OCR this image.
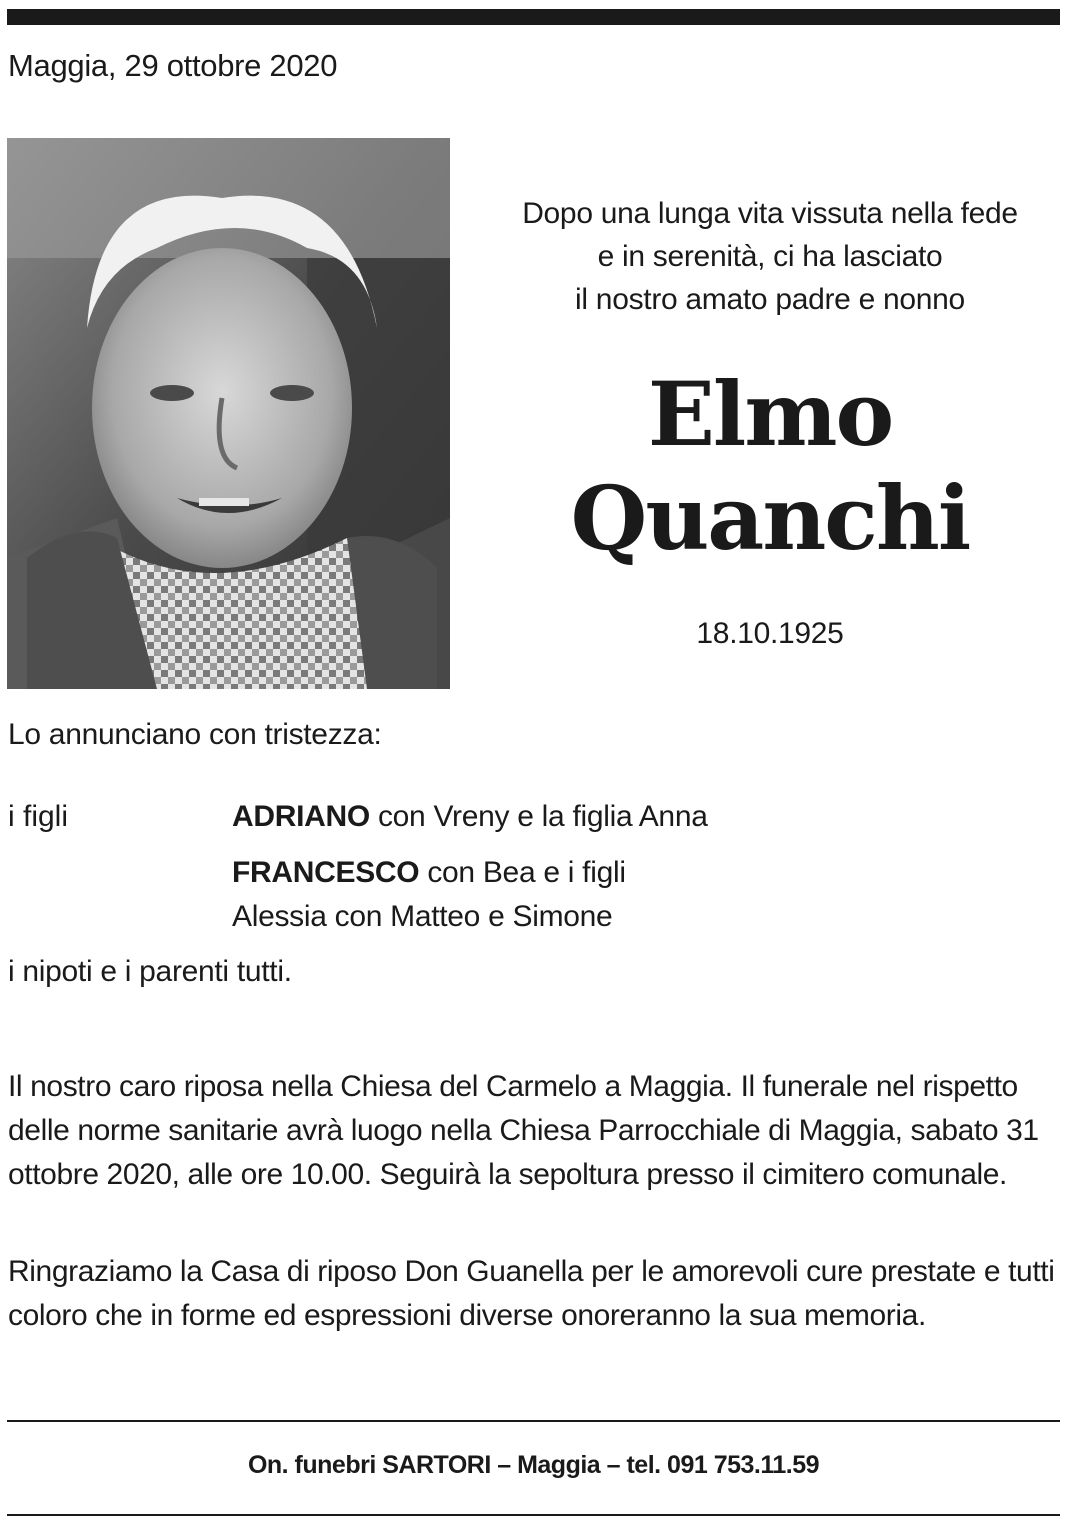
Maggia, 29 ottobre 2020
Dopo una lunga vita vissuta nella fede
e in serenità, ci ha lasciato
il nostro amato padre e nonno
Elmo
Quanchi
18.10.1925
Lo annunciano con tristezza:
i figli	ADRIANO con Vreny e la figlia Anna
FRANCESCO con Bea e i figli
Alessia con Matteo e Simone
i nipoti e i parenti tutti.
Il nostro caro riposa nella Chiesa del Carmelo a Maggia. Il funerale nel rispetto delle norme sanitarie avrà luogo nella Chiesa Parrocchiale di Maggia, sabato 31 ottobre 2020, alle ore 10.00. Seguirà la sepoltura presso il cimitero comunale.
Ringraziamo la Casa di riposo Don Guanella per le amorevoli cure prestate e tutti coloro che in forme ed espressioni diverse onoreranno la sua memoria.
On. funebri SARTORI – Maggia – tel. 091 753.11.59
